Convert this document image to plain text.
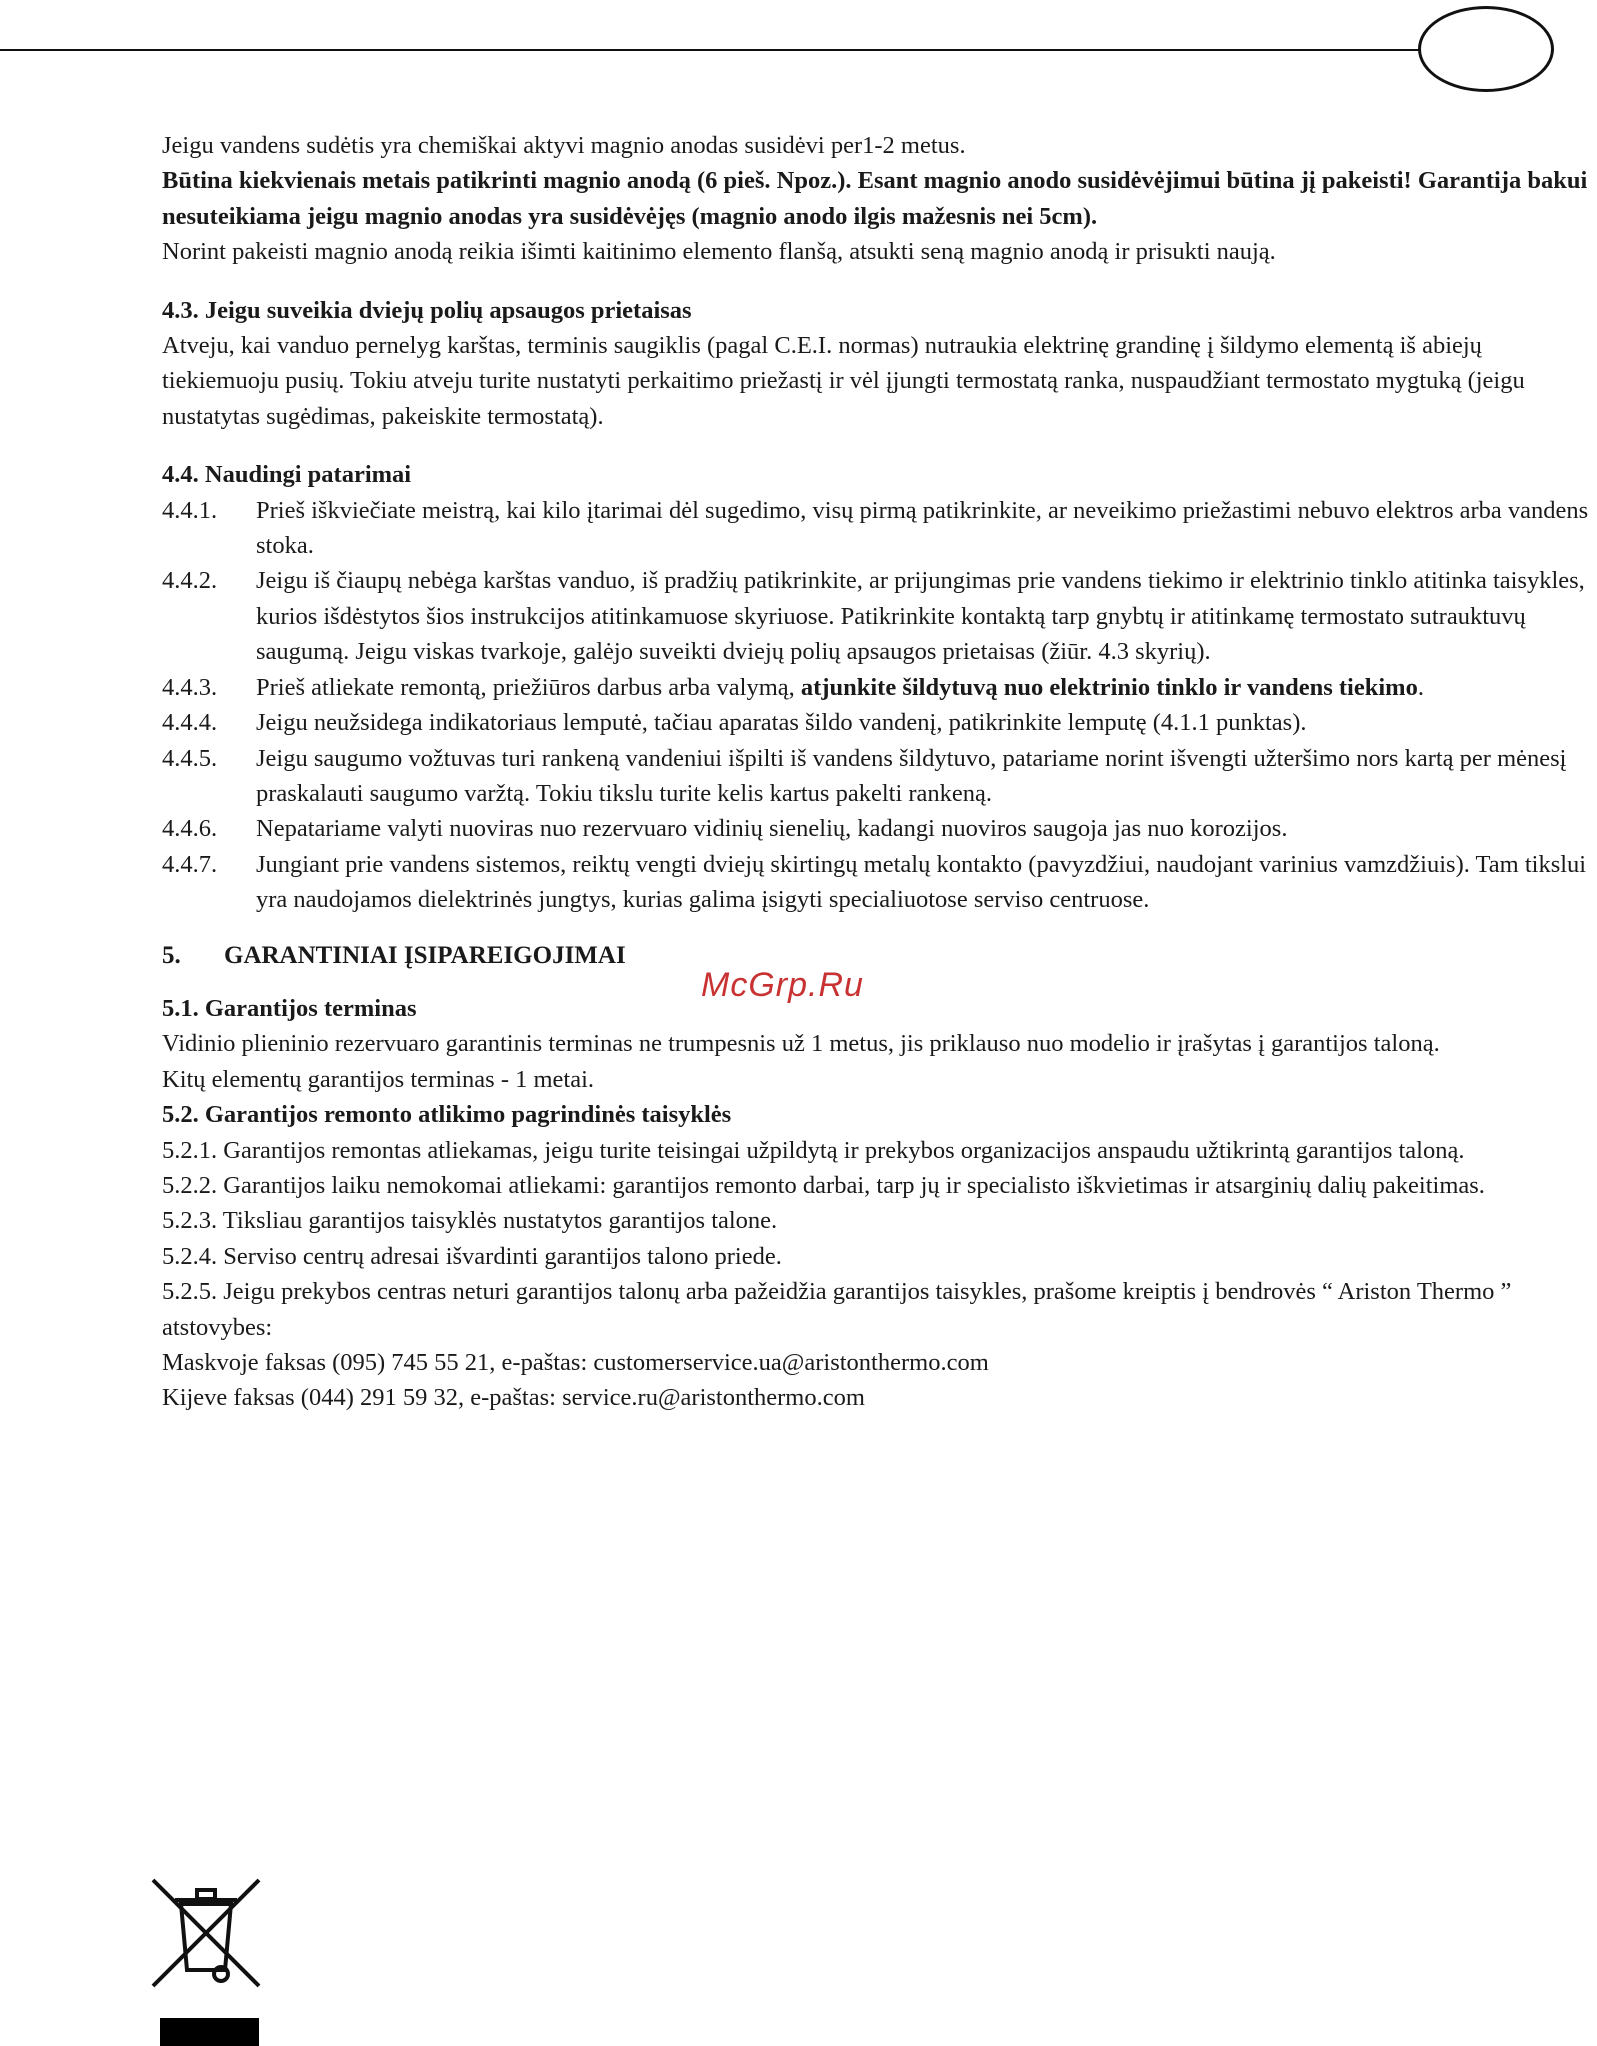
Jeigu vandens sudėtis yra chemiškai aktyvi magnio anodas susidėvi per1-2 metus.

Būtina kiekvienais metais patikrinti magnio anodą (6 pieš. Npoz.). Esant magnio anodo susidėvėjimui būtina jį pakeisti! Garantija bakui nesuteikiama jeigu magnio anodas yra susidėvėjęs (magnio anodo ilgis mažesnis nei 5cm).

Norint pakeisti magnio anodą reikia išimti kaitinimo elemento flanšą, atsukti seną magnio anodą ir prisukti naują.

4.3. Jeigu suveikia dviejų polių apsaugos prietaisas

Atveju, kai vanduo pernelyg karštas, terminis saugiklis (pagal C.E.I. normas) nutraukia elektrinę grandinę į šildymo elementą iš abiejų tiekiemuoju pusių. Tokiu atveju turite nustatyti perkaitimo priežastį ir vėl įjungti termostatą ranka, nuspaudžiant termostato mygtuką (jeigu nustatytas sugėdimas, pakeiskite termostatą).

4.4. Naudingi patarimai

4.4.1.	Prieš iškviečiate meistrą, kai kilo įtarimai dėl sugedimo, visų pirmą patikrinkite, ar neveikimo priežastimi nebuvo elektros arba vandens stoka.
4.4.2.	Jeigu iš čiaupų nebėga karštas vanduo, iš pradžių patikrinkite, ar prijungimas prie vandens tiekimo ir elektrinio tinklo atitinka taisykles, kurios išdėstytos šios instrukcijos atitinkamuose skyriuose. Patikrinkite kontaktą tarp gnybtų ir atitinkamę termostato sutrauktuvų saugumą. Jeigu viskas tvarkoje, galėjo suveikti dviejų polių apsaugos prietaisas (žiūr. 4.3 skyrių).
4.4.3.	Prieš atliekate remontą, priežiūros darbus arba valymą, atjunkite šildytuvą nuo elektrinio tinklo ir vandens tiekimo.
4.4.4.	Jeigu neužsidega indikatoriaus lemputė, tačiau aparatas šildo vandenį, patikrinkite lemputę (4.1.1 punktas).
4.4.5.	Jeigu saugumo vožtuvas turi rankeną vandeniui išpilti iš vandens šildytuvo, patariame norint išvengti užteršimo nors kartą per mėnesį praskalauti saugumo varžtą. Tokiu tikslu turite kelis kartus pakelti rankeną.
4.4.6.	Nepatariame valyti nuoviras nuo rezervuaro vidinių sienelių, kadangi nuoviros saugoja jas nuo korozijos.
4.4.7.	Jungiant prie vandens sistemos, reiktų vengti dviejų skirtingų metalų kontakto (pavyzdžiui, naudojant varinius vamzdžiuis). Tam tikslui yra naudojamos dielektrinės jungtys, kurias galima įsigyti specialiuotose serviso centruose.
5.	GARANTINIAI ĮSIPAREIGOJIMAI

5.1. Garantijos terminas

Vidinio plieninio rezervuaro garantinis terminas ne trumpesnis už 1 metus, jis priklauso nuo modelio ir įrašytas į garantijos taloną.

Kitų elementų garantijos terminas - 1 metai.

5.2. Garantijos remonto atlikimo pagrindinės taisyklės

5.2.1. Garantijos remontas atliekamas, jeigu turite teisingai užpildytą ir prekybos organizacijos anspaudu užtikrintą garantijos taloną.

5.2.2. Garantijos laiku nemokomai atliekami: garantijos remonto darbai, tarp jų ir specialisto iškvietimas ir atsarginių dalių pakeitimas.

5.2.3. Tiksliau garantijos taisyklės nustatytos garantijos talone.

5.2.4. Serviso centrų adresai išvardinti garantijos talono priede.

5.2.5. Jeigu prekybos centras neturi garantijos talonų arba pažeidžia garantijos taisykles, prašome kreiptis į bendrovės “ Ariston Thermo ” atstovybes:

Maskvoje faksas (095) 745 55 21, e-paštas: customerservice.ua@aristonthermo.com

Kijeve faksas (044) 291 59 32, e-paštas: service.ru@aristonthermo.com

McGrp.Ru
